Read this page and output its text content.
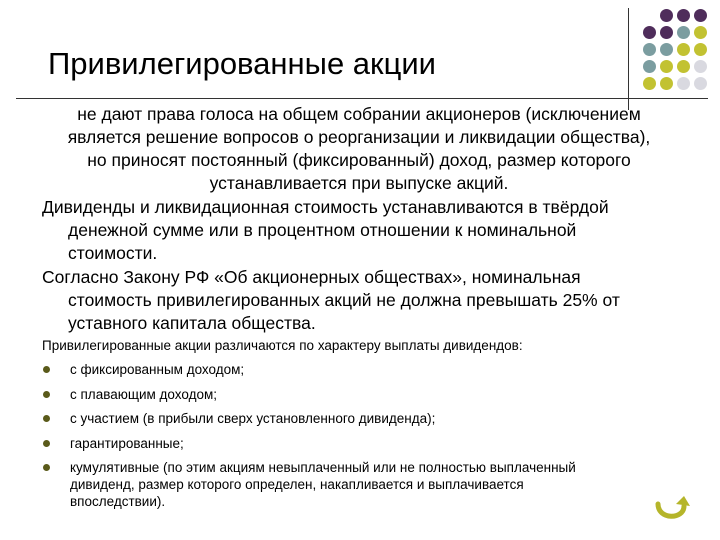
Привилегированные акции

не дают права голоса на общем собрании акционеров (исключением
является решение вопросов о реорганизации и ликвидации общества),
но приносят постоянный (фиксированный) доход, размер которого
устанавливается при выпуске акций.

Дивиденды и ликвидационная стоимость устанавливаются в твёрдой
денежной сумме или в процентном отношении к номинальной
стоимости.

Согласно Закону РФ «Об акционерных обществах», номинальная
стоимость привилегированных акций не должна превышать 25% от
уставного капитала общества.

Привилегированные акции различаются по характеру выплаты дивидендов:

с фиксированным доходом;
с плавающим доходом;
с участием (в прибыли сверх установленного дивиденда);
гарантированные;
кумулятивные (по этим акциям невыплаченный или не полностью выплаченный
дивиденд, размер которого определен, накапливается и выплачивается
впоследствии).
